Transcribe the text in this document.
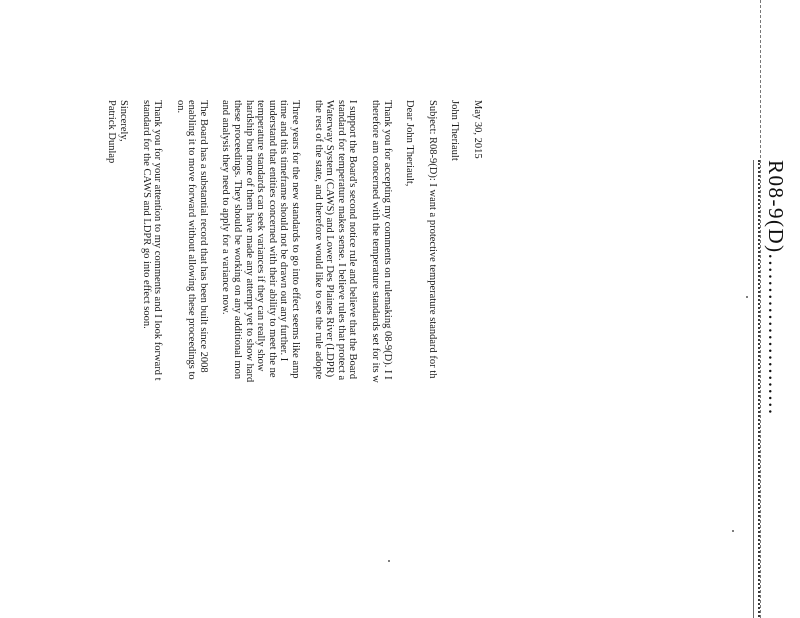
R08-9(D)........................

May 30, 2015

John Theriault

Subject: R08-9(D): I want a protective temperature standard for th

Dear John Theriault,

Thank you for accepting my comments on rulemaking 08-9(D). I I
therefore am concerned with the temperature standards set for its w

I support the Board's second notice rule and believe that the Board
standard for temperature makes sense. I believe rules that protect a
Waterway System (CAWS) and Lower Des Plaines River (LDPR)
the rest of the state, and therefore would like to see the rule adopte

Three years for the new standards to go into effect seems like amp
time and this timeframe should not be drawn out any further. I
understand that entities concerned with their ability to meet the ne
temperature standards can seek variances if they can really show
hardship but none of them have made any attempt yet to show hard
these proceedings. They should be working on any additional mon
and analysis they need to apply for a variance now.

The Board has a substantial record that has been built since 2008
enabling it to move forward without allowing these proceedings to
on.

Thank you for your attention to my comments and I look forward t
standard for the CAWS and LDPR go into effect soon.

Sincerely,
Patrick Dunlap
